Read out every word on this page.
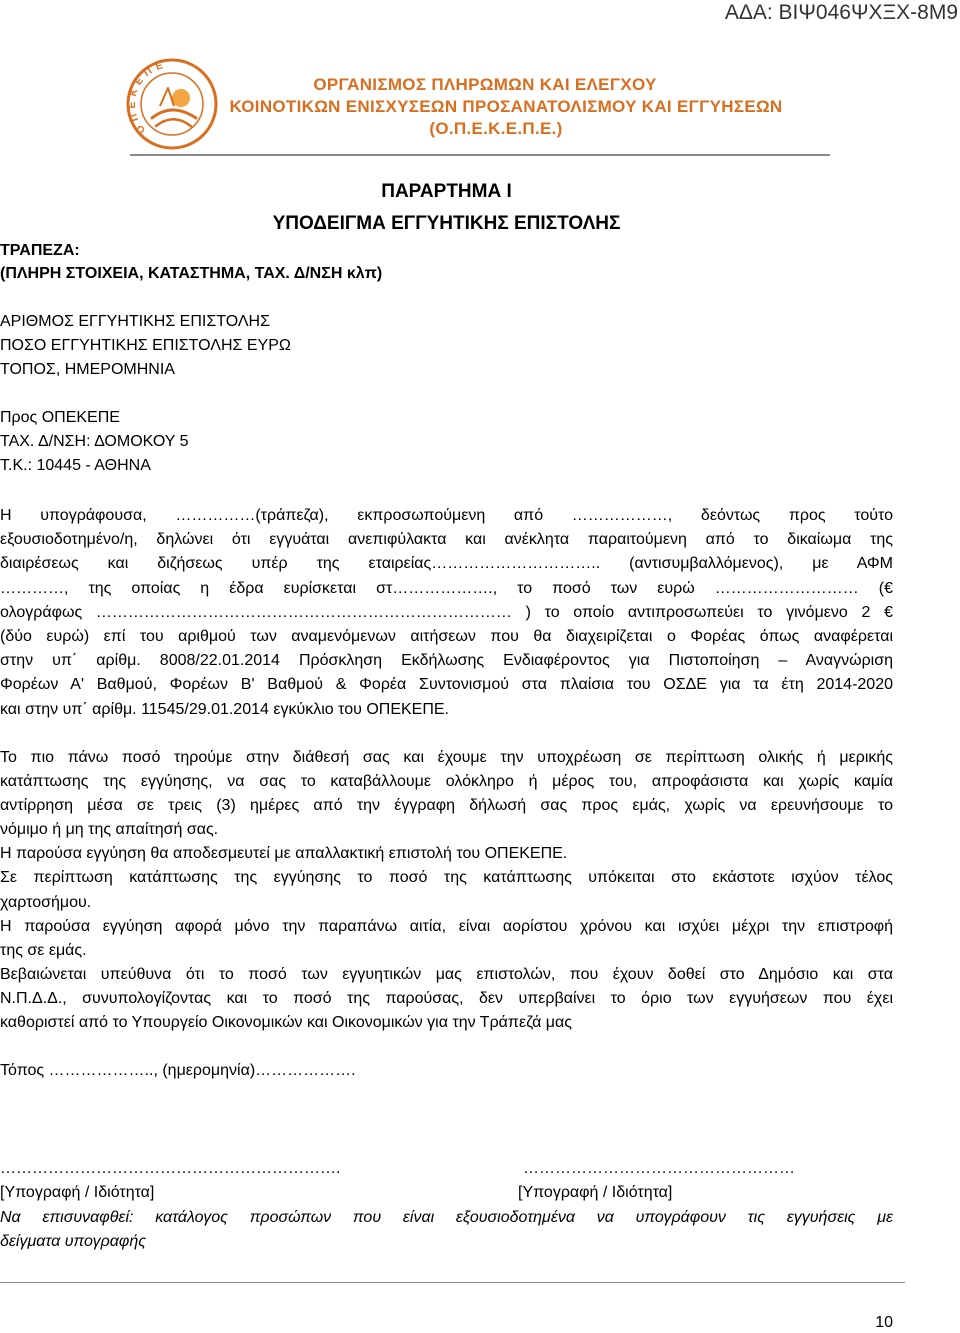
ΑΔΑ: ΒΙΨ046ΨΧΞΧ-8Μ9
Ο Π Ε Κ Ε Π Ε
ΟΡΓΑΝΙΣΜΟΣ ΠΛΗΡΩΜΩΝ ΚΑΙ ΕΛΕΓΧΟΥ
ΚΟΙΝΟΤΙΚΩΝ ΕΝΙΣΧΥΣΕΩΝ ΠΡΟΣΑΝΑΤΟΛΙΣΜΟΥ ΚΑΙ ΕΓΓΥΗΣΕΩΝ
(Ο.Π.Ε.Κ.Ε.Π.Ε.)
ΠΑΡΑΡΤΗΜΑ Ι
ΥΠΟΔΕΙΓΜΑ ΕΓΓΥΗΤΙΚΗΣ ΕΠΙΣΤΟΛΗΣ
ΤΡΑΠΕΖΑ:
(ΠΛΗΡΗ ΣΤΟΙΧΕΙΑ, ΚΑΤΑΣΤΗΜΑ, ΤΑΧ. Δ/ΝΣΗ κλπ)
ΑΡΙΘΜΟΣ ΕΓΓΥΗΤΙΚΗΣ ΕΠΙΣΤΟΛΗΣ
ΠΟΣΟ ΕΓΓΥΗΤΙΚΗΣ ΕΠΙΣΤΟΛΗΣ ΕΥΡΩ
ΤΟΠΟΣ, ΗΜΕΡΟΜΗΝΙΑ
Προς ΟΠΕΚΕΠΕ
ΤΑΧ. Δ/ΝΣΗ: ΔΟΜΟΚΟΥ 5
Τ.Κ.: 10445 - ΑΘΗΝΑ
Η υπογράφουσα, ……………(τράπεζα), εκπροσωπούμενη από ………………, δεόντως προς τούτο
εξουσιοδοτημένο/η, δηλώνει ότι εγγυάται ανεπιφύλακτα και ανέκλητα παραιτούμενη από το δικαίωμα της
διαιρέσεως και διζήσεως υπέρ της εταιρείας………………………….. (αντισυμβαλλόμενος), με ΑΦΜ
…………, της οποίας η έδρα ευρίσκεται στ………………., το ποσό των ευρώ ……………………… (€
ολογράφως …………………………………………………………………… ) το οποίο αντιπροσωπεύει το γινόμενο 2 €
(δύο ευρώ) επί του αριθμού των αναμενόμενων αιτήσεων που θα διαχειρίζεται ο Φορέας όπως αναφέρεται
στην υπ΄ αρίθμ. 8008/22.01.2014 Πρόσκληση Εκδήλωσης Ενδιαφέροντος για Πιστοποίηση – Αναγνώριση
Φορέων Α' Βαθμού, Φορέων Β' Βαθμού & Φορέα Συντονισμού στα πλαίσια του ΟΣΔΕ για τα έτη 2014-2020
και στην υπ΄ αρίθμ. 11545/29.01.2014 εγκύκλιο του ΟΠΕΚΕΠΕ.
Το πιο πάνω ποσό τηρούμε στην διάθεσή σας και έχουμε την υποχρέωση σε περίπτωση ολικής ή μερικής
κατάπτωσης της εγγύησης, να σας το καταβάλλουμε ολόκληρο ή μέρος του, απροφάσιστα και χωρίς καμία
αντίρρηση μέσα σε τρεις (3) ημέρες από την έγγραφη δήλωσή σας προς εμάς, χωρίς να ερευνήσουμε το
νόμιμο ή μη της απαίτησή σας.
Η παρούσα εγγύηση θα αποδεσμευτεί με απαλλακτική επιστολή του ΟΠΕΚΕΠΕ.
Σε περίπτωση κατάπτωσης της εγγύησης το ποσό της κατάπτωσης υπόκειται στο εκάστοτε ισχύον τέλος
χαρτοσήμου.
Η παρούσα εγγύηση αφορά μόνο την παραπάνω αιτία, είναι αορίστου χρόνου και ισχύει μέχρι την επιστροφή
της σε εμάς.
Βεβαιώνεται υπεύθυνα ότι το ποσό των εγγυητικών μας επιστολών, που έχουν δοθεί στο Δημόσιο και στα
Ν.Π.Δ.Δ., συνυπολογίζοντας και το ποσό της παρούσας, δεν υπερβαίνει το όριο των εγγυήσεων που έχει
καθοριστεί από το Υπουργείο Οικονομικών και Οικονομικών για την Τράπεζά μας
Τόπος ……………….., (ημερομηνία)……………….
……………………………………………………….	……………………………………………
[Υπογραφή / Ιδιότητα]	[Υπογραφή / Ιδιότητα]
Να επισυναφθεί: κατάλογος προσώπων που είναι εξουσιοδοτημένα να υπογράφουν τις εγγυήσεις με
δείγματα υπογραφής
10
